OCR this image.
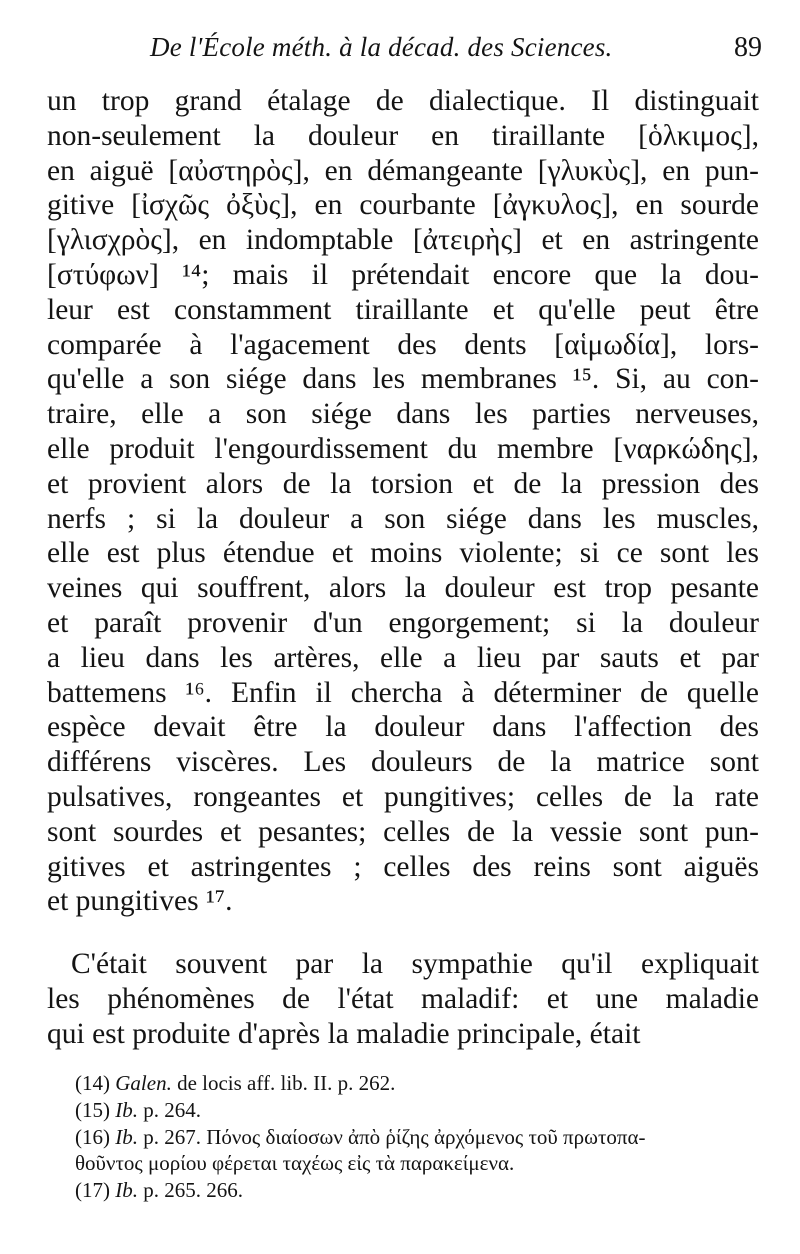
De l'École méth. à la décad. des Sciences.	89
un trop grand étalage de dialectique. Il distinguait
non-seulement la douleur en tiraillante [ὁλκιμος],
en aiguë [αὐστηρὸς], en démangeante [γλυκὺς], en pun-
gitive [ἰσχῶς ὀξὺς], en courbante [ἀγκυλος], en sourde
[γλισχρὸς], en indomptable [ἀτειρὴς] et en astringente
[στύφων] ¹⁴; mais il prétendait encore que la dou-
leur est constamment tiraillante et qu'elle peut être
comparée à l'agacement des dents [αἱμωδία], lors-
qu'elle a son siége dans les membranes ¹⁵. Si, au con-
traire, elle a son siége dans les parties nerveuses,
elle produit l'engourdissement du membre [ναρκώδης],
et provient alors de la torsion et de la pression des
nerfs ; si la douleur a son siége dans les muscles,
elle est plus étendue et moins violente; si ce sont les
veines qui souffrent, alors la douleur est trop pesante
et paraît provenir d'un engorgement; si la douleur
a lieu dans les artères, elle a lieu par sauts et par
battemens ¹⁶. Enfin il chercha à déterminer de quelle
espèce devait être la douleur dans l'affection des
différens viscères. Les douleurs de la matrice sont
pulsatives, rongeantes et pungitives; celles de la rate
sont sourdes et pesantes; celles de la vessie sont pun-
gitives et astringentes ; celles des reins sont aiguës
et pungitives ¹⁷.
C'était souvent par la sympathie qu'il expliquait
les phénomènes de l'état maladif: et une maladie
qui est produite d'après la maladie principale, était
(14) Galen. de locis aff. lib. II. p. 262.
(15) Ib. p. 264.
(16) Ib. p. 267. Πόνος διαίοσων ἀπὸ ῥίζης ἀρχόμενος τοῦ πρωτοπα-
θοῦντος μορίου φέρεται ταχέως εἰς τὰ παρακείμενα.
(17) Ib. p. 265. 266.
